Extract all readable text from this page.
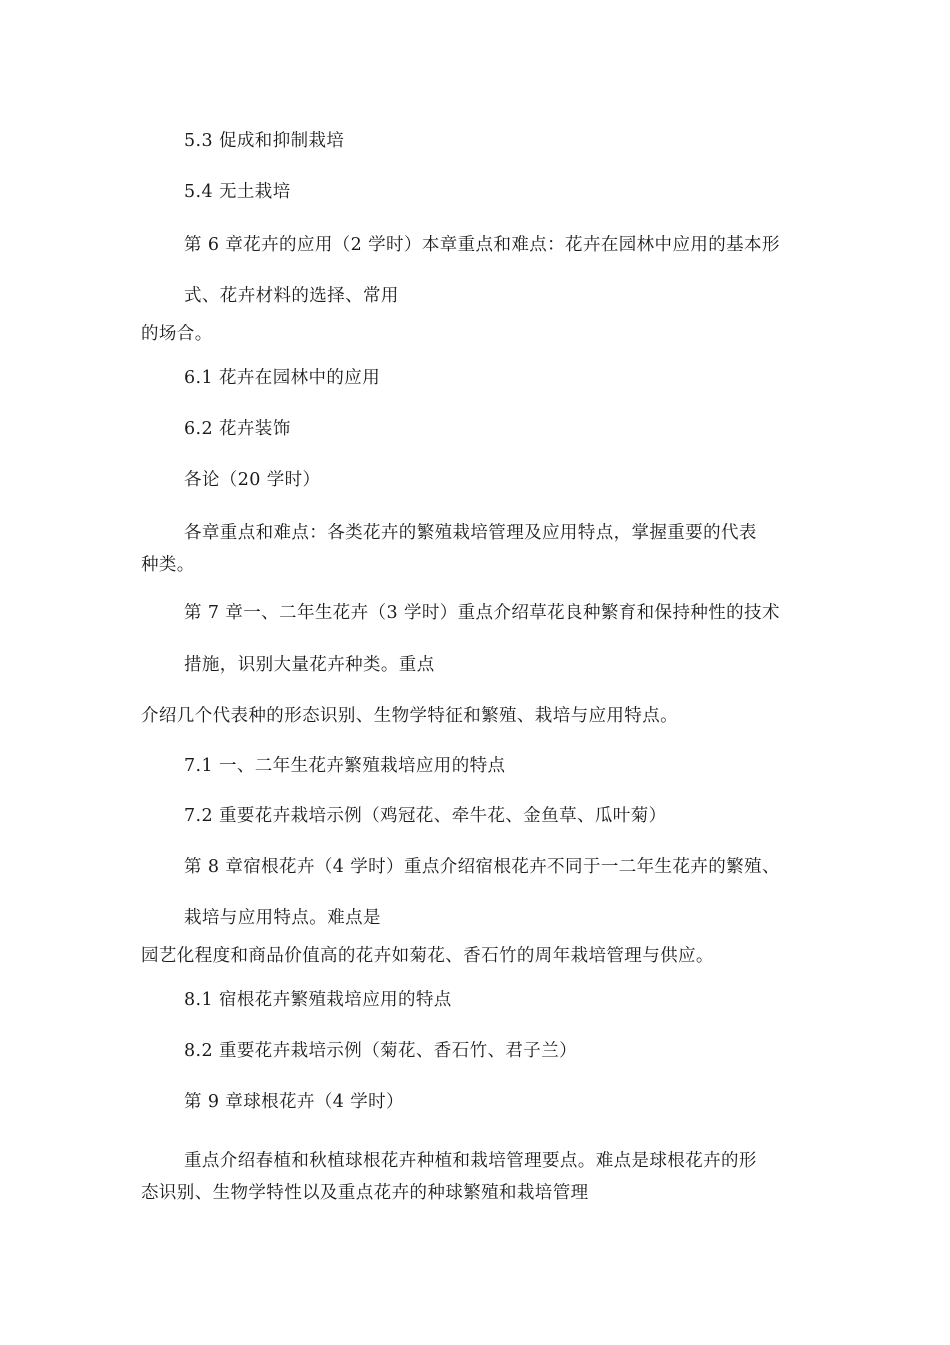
5.3 促成和抑制栽培
5.4 无土栽培
第 6 章花卉的应用（2 学时）本章重点和难点：花卉在园林中应用的基本形
式、花卉材料的选择、常用
的场合。
6.1 花卉在园林中的应用
6.2 花卉装饰
各论（20 学时）
各章重点和难点：各类花卉的繁殖栽培管理及应用特点，掌握重要的代表
种类。
第 7 章一、二年生花卉（3 学时）重点介绍草花良种繁育和保持种性的技术
措施，识别大量花卉种类。重点
介绍几个代表种的形态识别、生物学特征和繁殖、栽培与应用特点。
7.1 一、二年生花卉繁殖栽培应用的特点
7.2 重要花卉栽培示例（鸡冠花、牵牛花、金鱼草、瓜叶菊）
第 8 章宿根花卉（4 学时）重点介绍宿根花卉不同于一二年生花卉的繁殖、
栽培与应用特点。难点是
园艺化程度和商品价值高的花卉如菊花、香石竹的周年栽培管理与供应。
8.1 宿根花卉繁殖栽培应用的特点
8.2 重要花卉栽培示例（菊花、香石竹、君子兰）
第 9 章球根花卉（4 学时）
重点介绍春植和秋植球根花卉种植和栽培管理要点。难点是球根花卉的形
态识别、生物学特性以及重点花卉的种球繁殖和栽培管理
